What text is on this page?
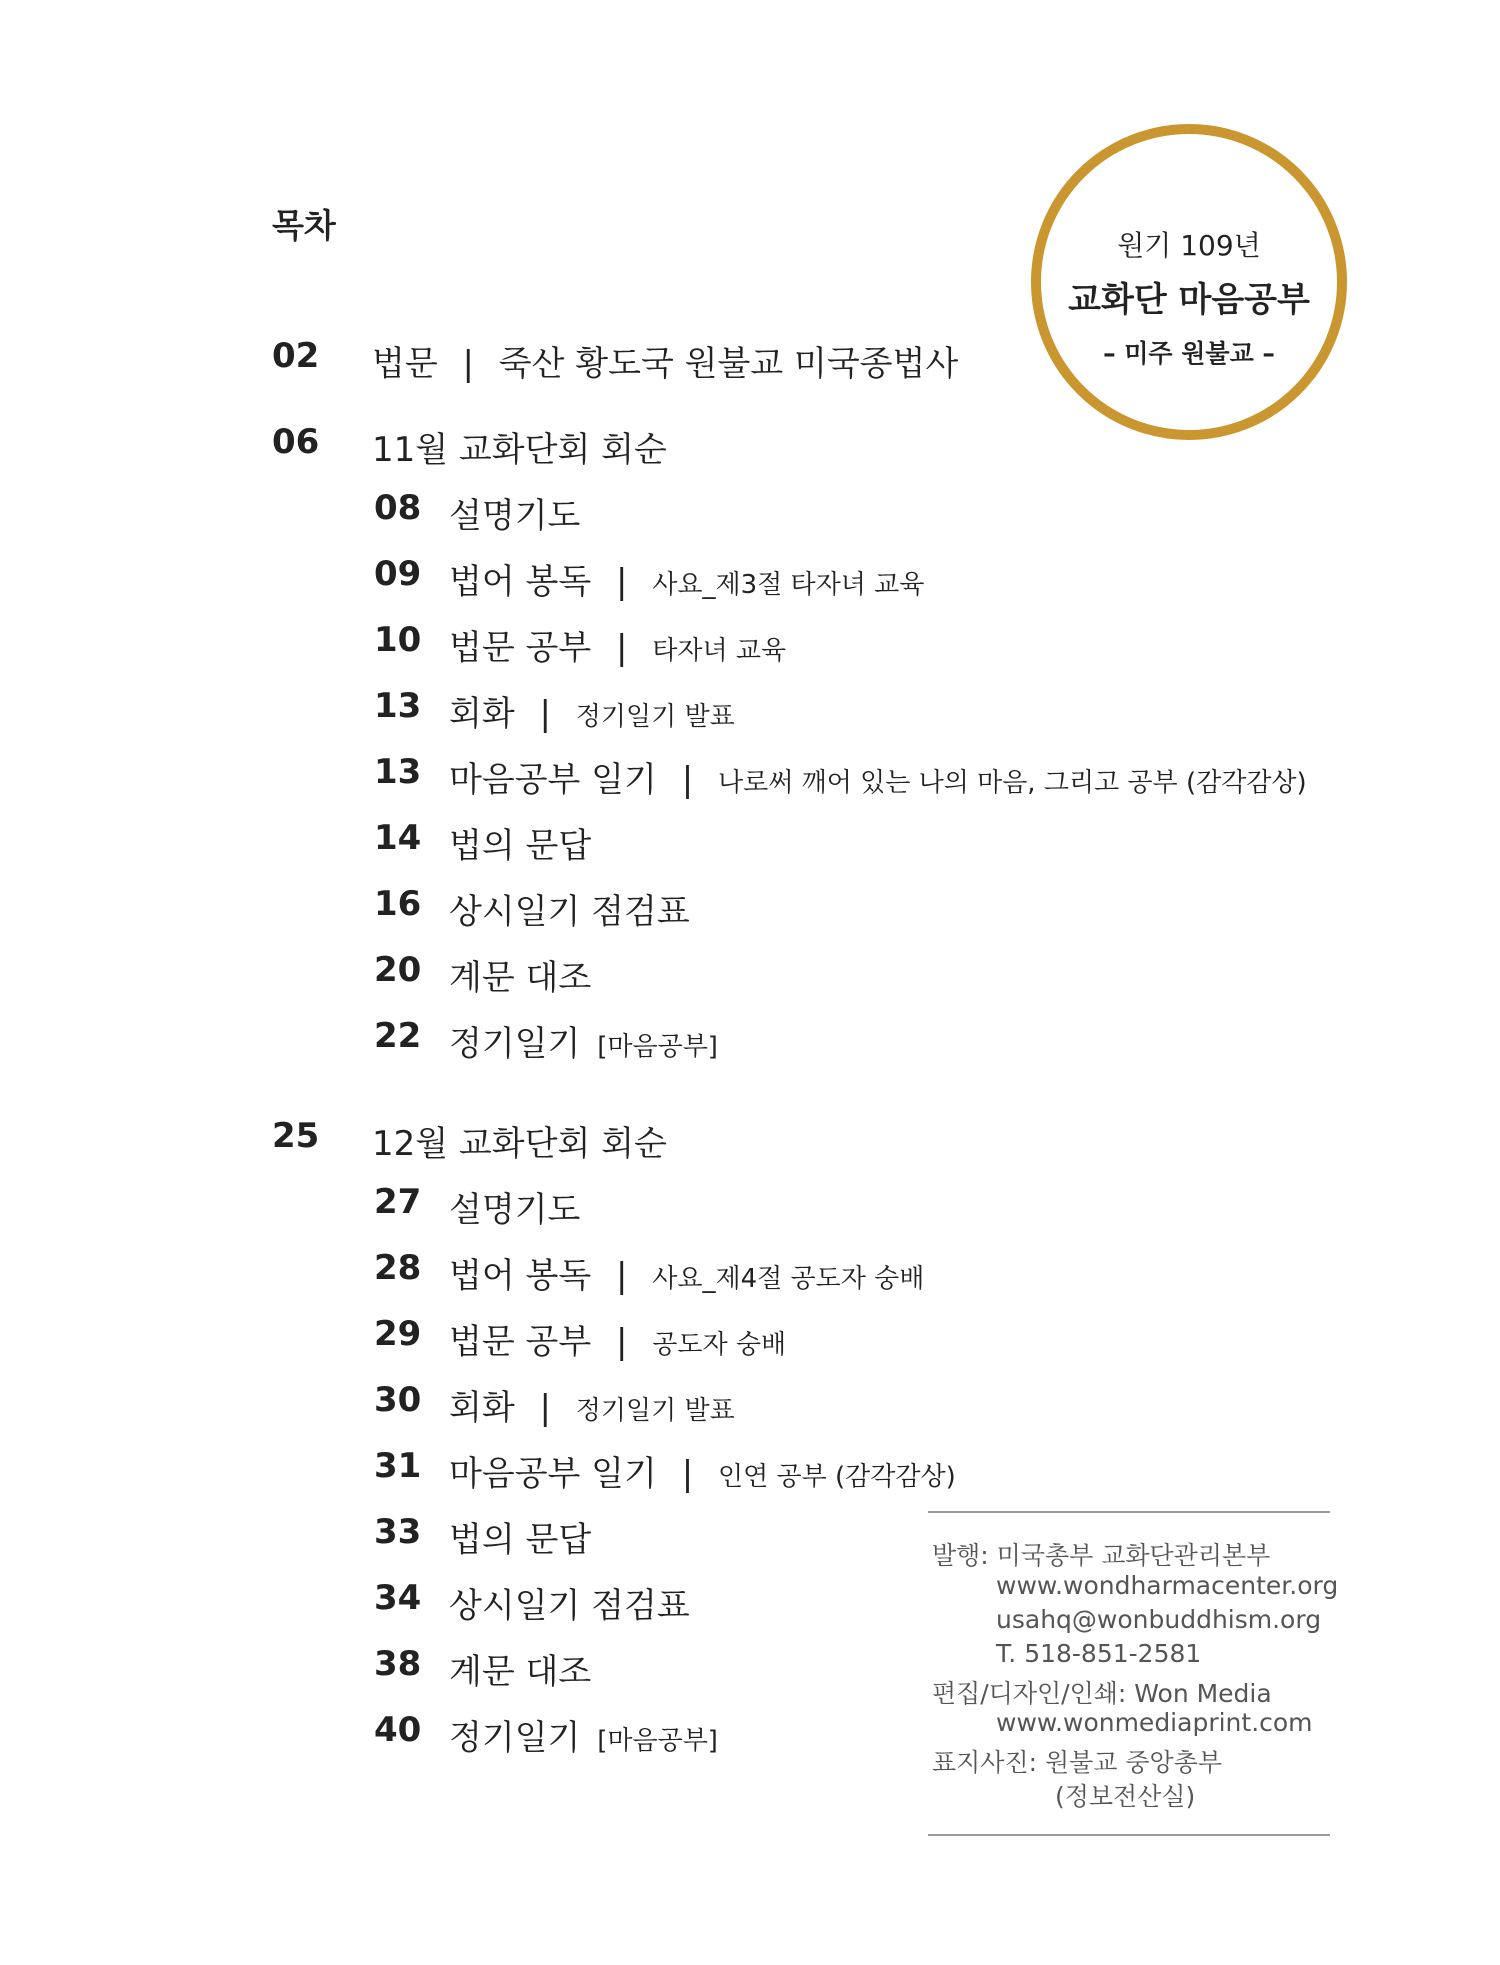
목차
원기 109년
교화단 마음공부
– 미주 원불교 –
02 법문 | 죽산 황도국 원불교 미국종법사
06 11월 교화단회 회순
08 설명기도
09 법어 봉독 | 사요_제3절 타자녀 교육
10 법문 공부 | 타자녀 교육
13 회화 | 정기일기 발표
13 마음공부 일기 | 나로써 깨어 있는 나의 마음, 그리고 공부 (감각감상)
14 법의 문답
16 상시일기 점검표
20 계문 대조
22 정기일기 [마음공부]
25 12월 교화단회 회순
27 설명기도
28 법어 봉독 | 사요_제4절 공도자 숭배
29 법문 공부 | 공도자 숭배
30 회화 | 정기일기 발표
31 마음공부 일기 | 인연 공부 (감각감상)
33 법의 문답
34 상시일기 점검표
38 계문 대조
40 정기일기 [마음공부]
발행: 미국총부 교화단관리본부
www.wondharmacenter.org
usahq@wonbuddhism.org
T. 518-851-2581
편집/디자인/인쇄: Won Media
www.wonmediaprint.com
표지사진: 원불교 중앙총부
(정보전산실)
